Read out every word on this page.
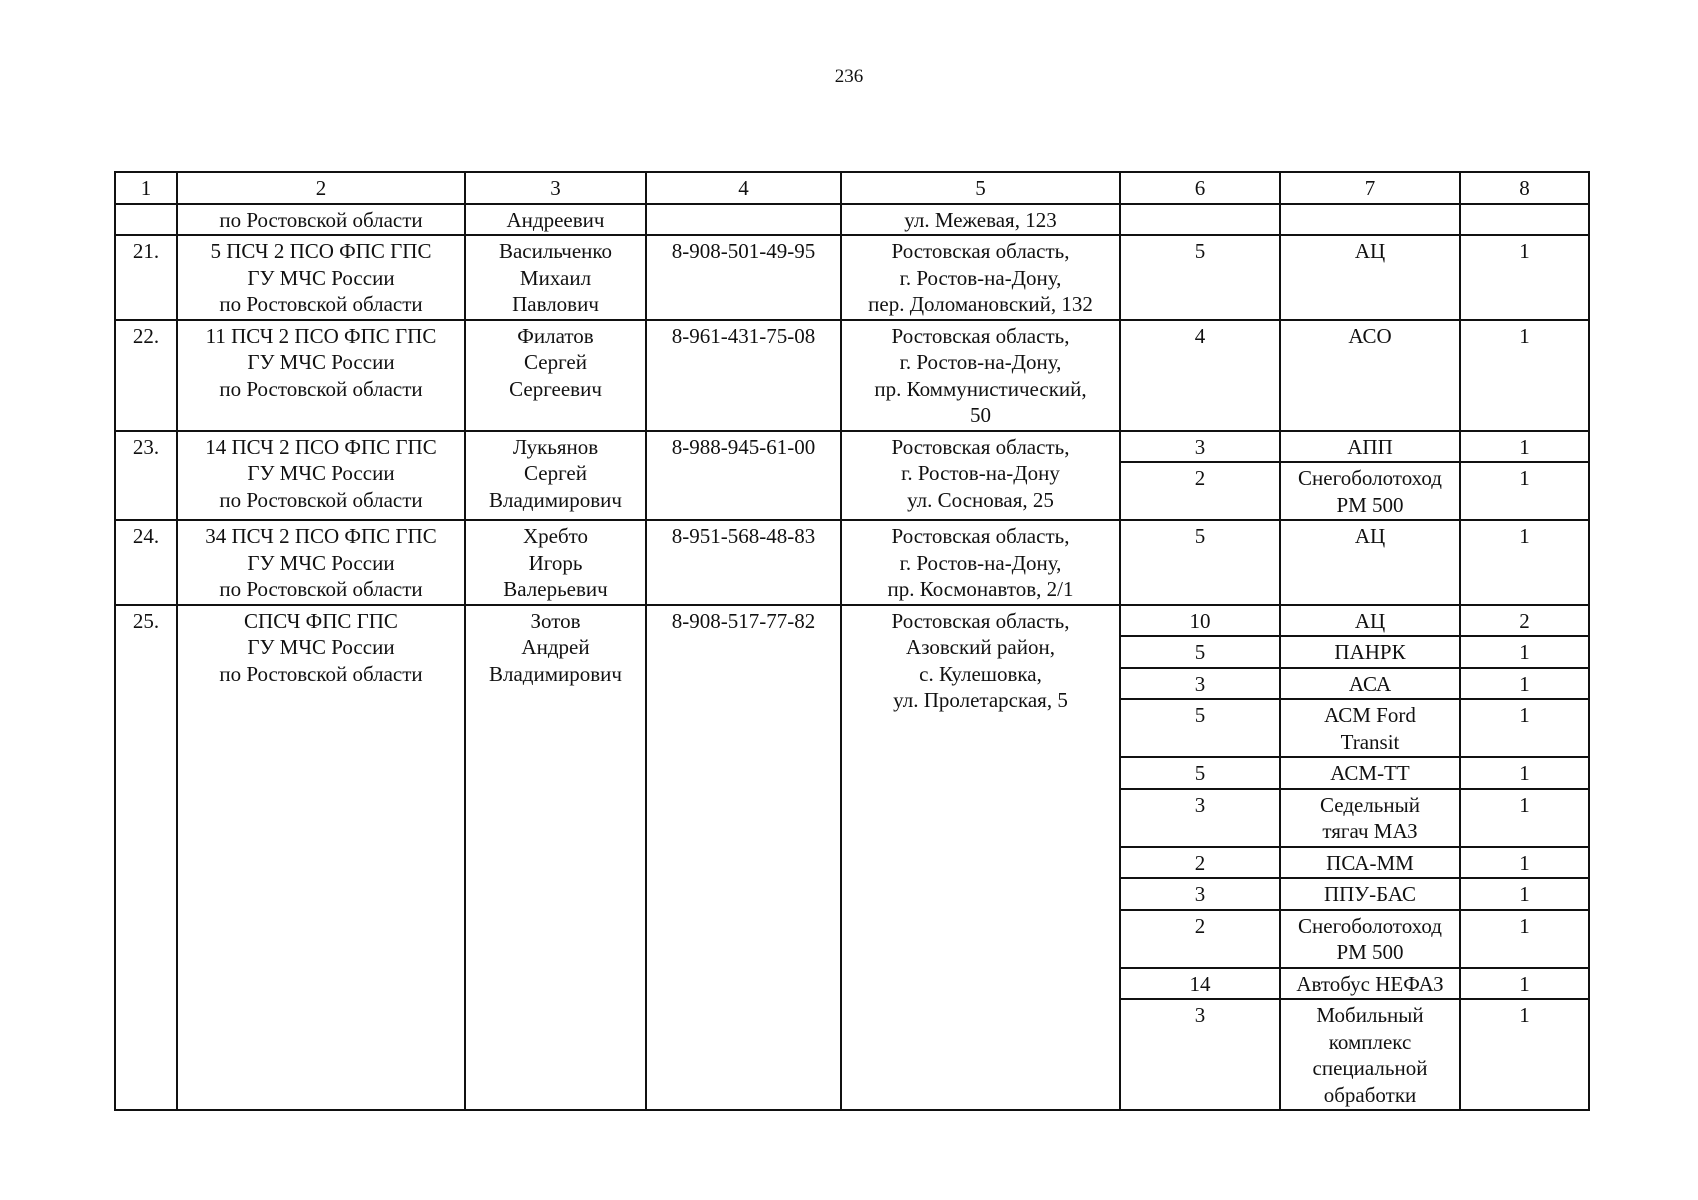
236
1	2	3	4	5	6	7	8
	по Ростовской области	Андреевич		ул. Межевая, 123			
21.	5 ПСЧ 2 ПСО ФПС ГПС
ГУ МЧС России
по Ростовской области	Васильченко
Михаил
Павлович	8-908-501-49-95	Ростовская область,
г. Ростов-на-Дону,
пер. Доломановский, 132	5	АЦ	1
22.	11 ПСЧ 2 ПСО ФПС ГПС
ГУ МЧС России
по Ростовской области	Филатов
Сергей
Сергеевич	8-961-431-75-08	Ростовская область,
г. Ростов-на-Дону,
пр. Коммунистический,
50	4	АСО	1
23.	14 ПСЧ 2 ПСО ФПС ГПС
ГУ МЧС России
по Ростовской области	Лукьянов
Сергей
Владимирович	8-988-945-61-00	Ростовская область,
г. Ростов-на-Дону
ул. Сосновая, 25	3	АПП	1
					2	Снегоболотоход
РМ 500	1
24.	34 ПСЧ 2 ПСО ФПС ГПС
ГУ МЧС России
по Ростовской области	Хребто
Игорь
Валерьевич	8-951-568-48-83	Ростовская область,
г. Ростов-на-Дону,
пр. Космонавтов, 2/1	5	АЦ	1
25.	СПСЧ ФПС ГПС
ГУ МЧС России
по Ростовской области	Зотов
Андрей
Владимирович	8-908-517-77-82	Ростовская область,
Азовский район,
с. Кулешовка,
ул. Пролетарская, 5	10	АЦ	2
					5	ПАНРК	1
					3	АСА	1
					5	АСМ Ford
Transit	1
					5	АСМ-ТТ	1
					3	Седельный
тягач МАЗ	1
					2	ПСА-ММ	1
					3	ППУ-БАС	1
					2	Снегоболотоход
РМ 500	1
					14	Автобус НЕФАЗ	1
					3	Мобильный
комплекс
специальной
обработки	1
